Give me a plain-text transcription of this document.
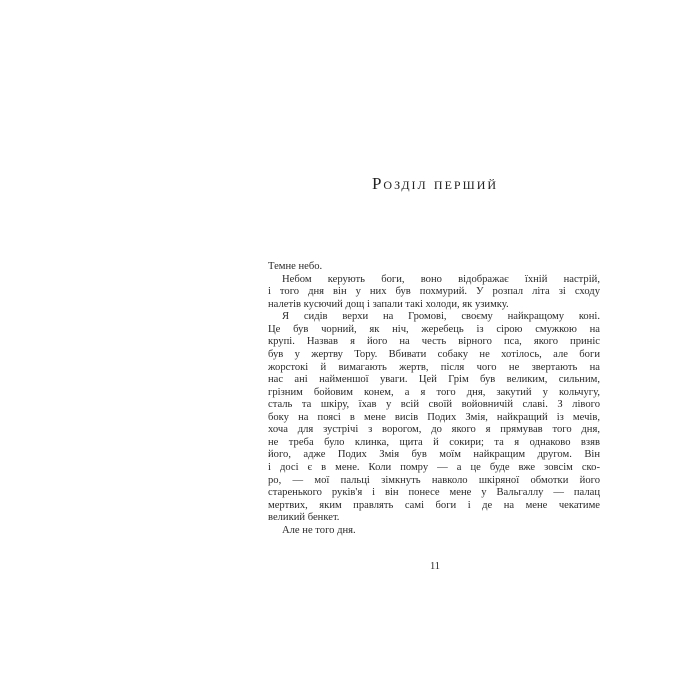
Розділ перший
Темне небо.
Небом керують боги, воно відображає їхній настрій,
і того дня він у них був похмурий. У розпал літа зі сходу
налетів кусючий дощ і запали такі холоди, як узимку.
Я сидів верхи на Громові, своєму найкращому коні.
Це був чорний, як ніч, жеребець із сірою смужкою на
крупі. Назвав я його на честь вірного пса, якого приніс
був у жертву Тору. Вбивати собаку не хотілось, але боги
жорстокі й вимагають жертв, після чого не звертають на
нас ані найменшої уваги. Цей Грім був великим, сильним,
грізним бойовим конем, а я того дня, закутий у кольчугу,
сталь та шкіру, їхав у всій своїй войовничій славі. З лівого
боку на поясі в мене висів Подих Змія, найкращий із мечів,
хоча для зустрічі з ворогом, до якого я прямував того дня,
не треба було клинка, щита й сокири; та я однаково взяв
його, адже Подих Змія був моїм найкращим другом. Він
і досі є в мене. Коли помру — а це буде вже зовсім ско-
ро, — мої пальці зімкнуть навколо шкіряної обмотки його
старенького руків'я і він понесе мене у Вальгаллу — палац
мертвих, яким правлять самі боги і де на мене чекатиме
великий бенкет.
Але не того дня.
11
